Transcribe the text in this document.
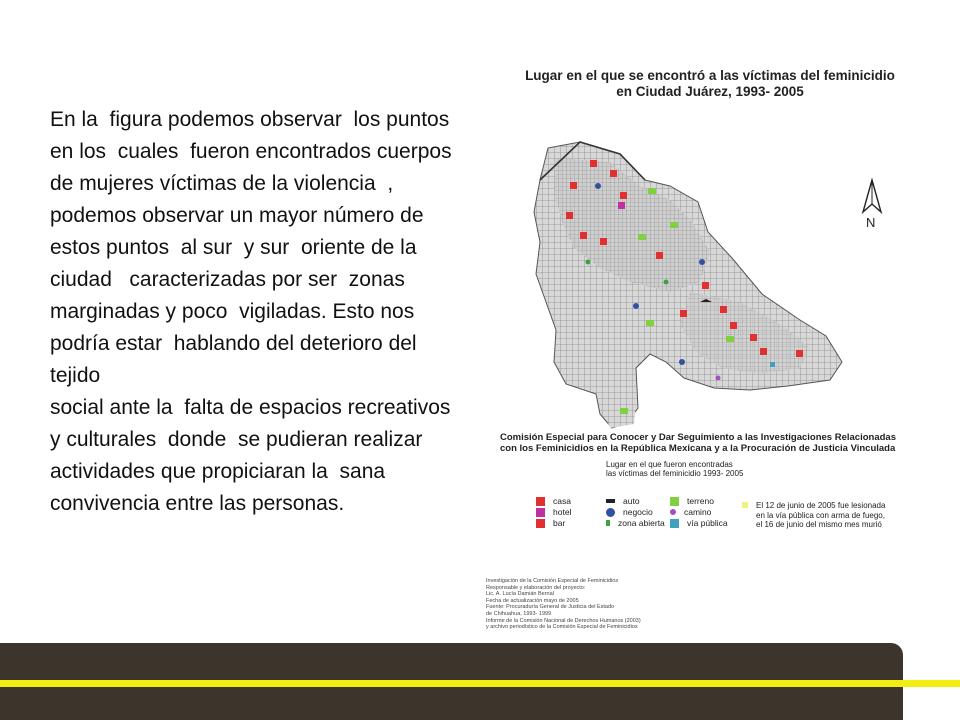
En la  figura podemos observar  los puntos  en los  cuales  fueron encontrados cuerpos de mujeres víctimas de la violencia  ,  podemos observar un mayor número de   estos puntos  al sur  y sur  oriente de la ciudad   caracterizadas por ser  zonas marginadas y poco  vigiladas. Esto nos podría estar  hablando del deterioro del tejido

social ante la  falta de espacios recreativos  y culturales  donde  se pudieran realizar actividades que propiciaran la  sana  convivencia entre las personas.

N
Lugar en el que se encontró a las víctimas del feminicidio
en Ciudad Juárez, 1993- 2005
Comisión Especial para Conocer y Dar Seguimiento a las Investigaciones Relacionadas
con los Feminicidios en la República Mexicana y a la Procuración de Justicia Vinculada
Lugar en el que fueron encontradas
las víctimas del feminicidio 1993- 2005
casa
hotel
bar
auto
negocio
zona abierta
terreno
camino
vía pública
El 12 de junio de 2005 fue lesionada
en la vía pública con arma de fuego,
el 16 de junio del mismo mes murió
Investigación de la Comisión Especial de Feminicidios
Responsable y elaboración del proyecto:
Lic. A. Lucía Damián Bernal
Fecha de actualización mayo de 2005
Fuente: Procuraduría General de Justicia del Estado
de Chihuahua, 1993- 1999
Informe de la Comisión Nacional de Derechos Humanos (2003)
y archivo periodístico de la Comisión Especial de Feminicidios
